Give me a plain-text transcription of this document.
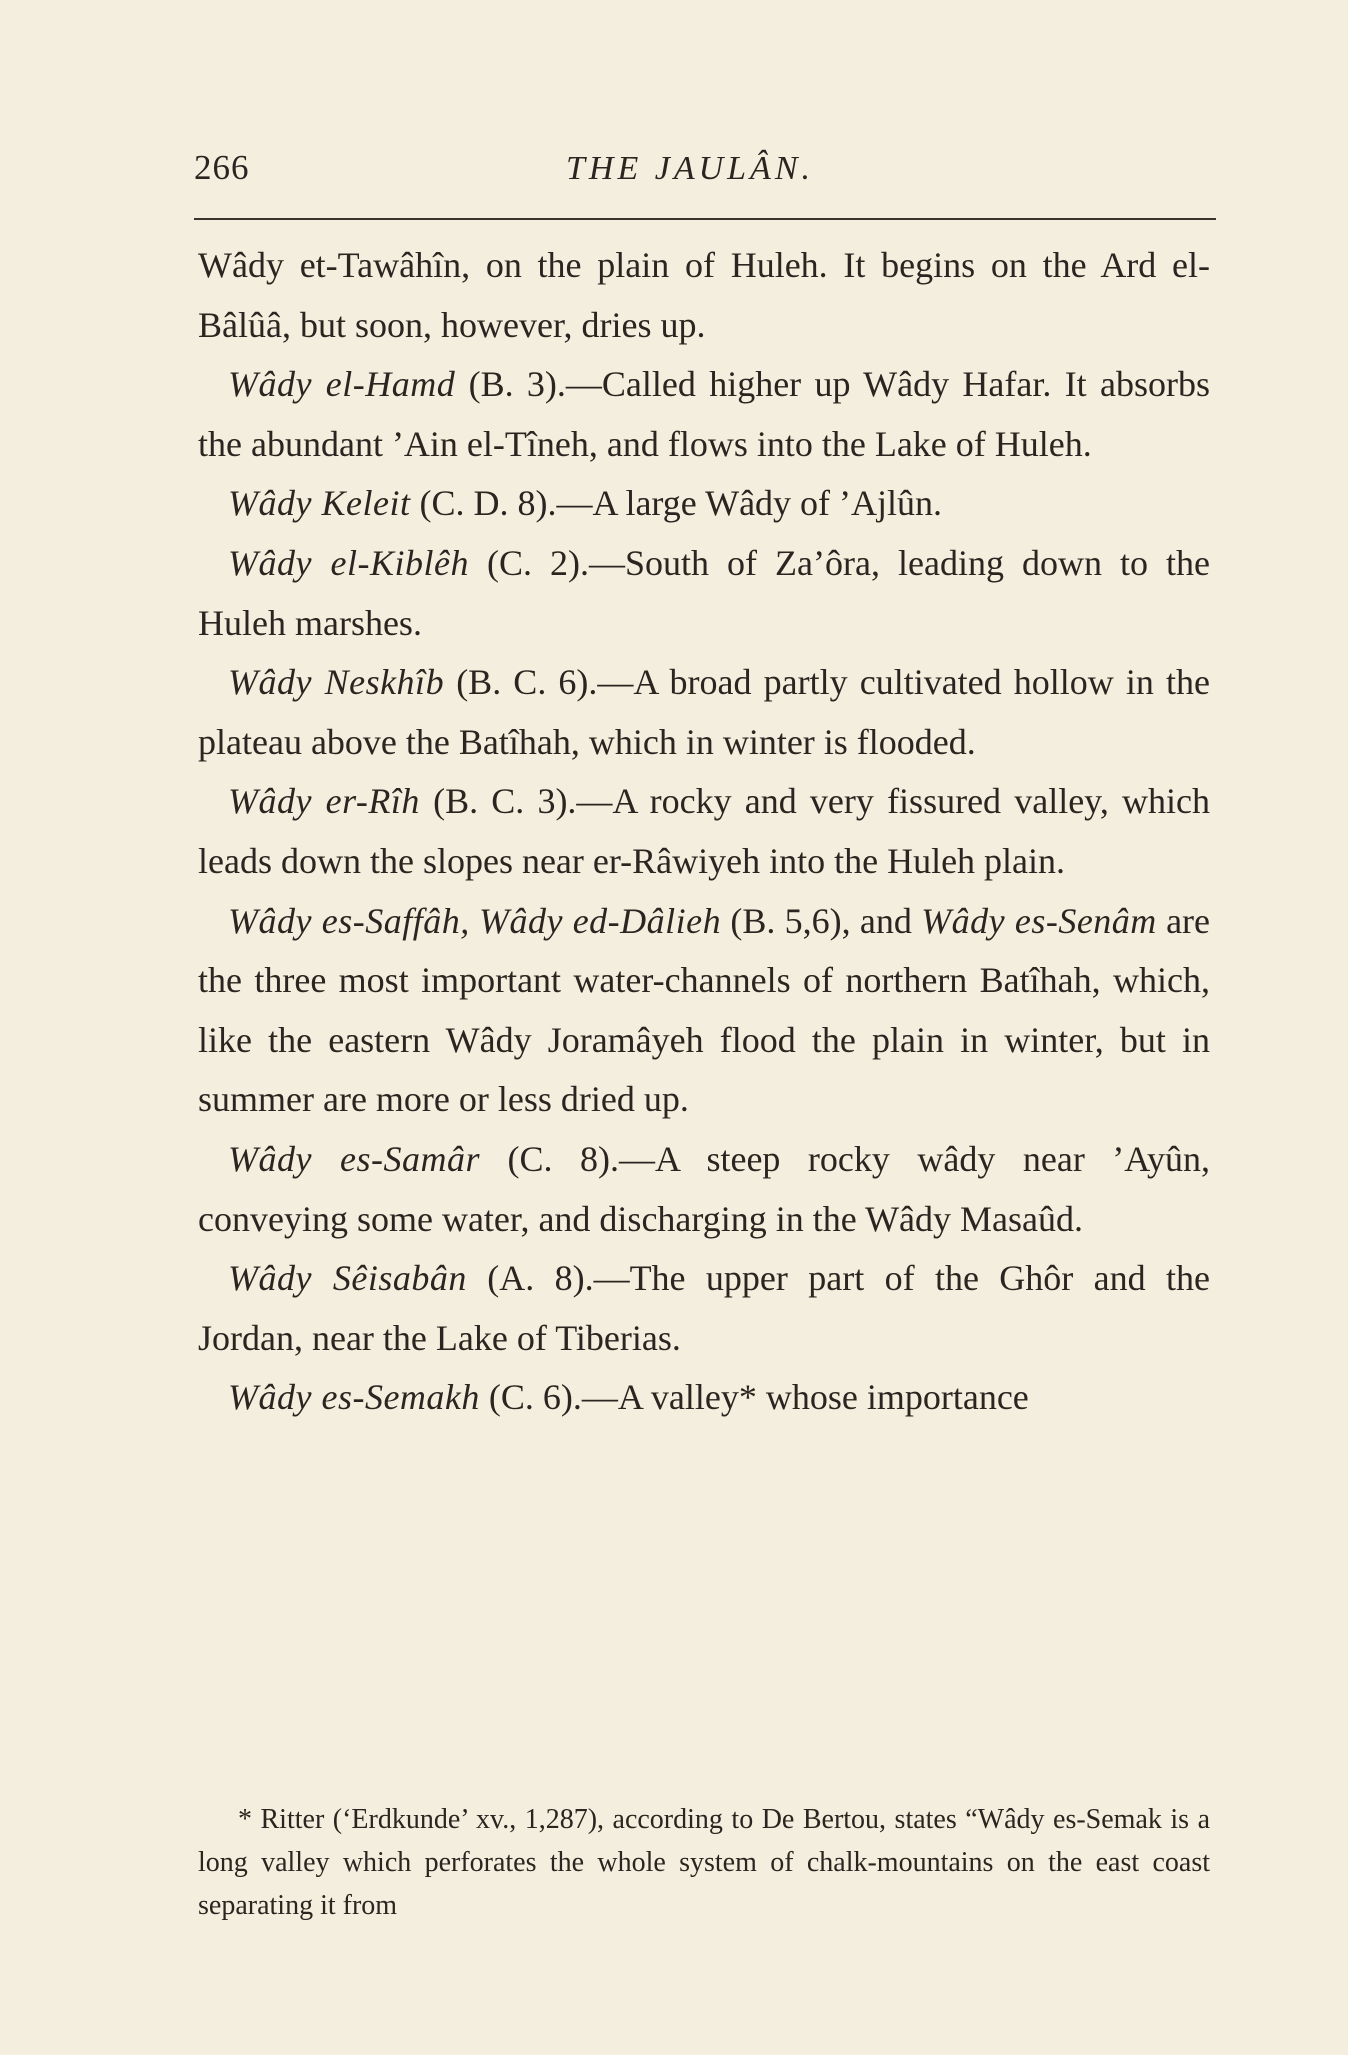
266	THE JAULÂN.

Wâdy et-Tawâhîn, on the plain of Huleh. It begins on the Ard el-Bâlûâ, but soon, however, dries up.

Wâdy el-Hamd (B. 3).—Called higher up Wâdy Hafar. It absorbs the abundant ’Ain el-Tîneh, and flows into the Lake of Huleh.

Wâdy Keleit (C. D. 8).—A large Wâdy of ’Ajlûn.

Wâdy el-Kiblêh (C. 2).—South of Za’ôra, leading down to the Huleh marshes.

Wâdy Neskhîb (B. C. 6).—A broad partly cultivated hollow in the plateau above the Batîhah, which in winter is flooded.

Wâdy er-Rîh (B. C. 3).—A rocky and very fissured valley, which leads down the slopes near er-Râwiyeh into the Huleh plain.

Wâdy es-Saffâh, Wâdy ed-Dâlieh (B. 5,6), and Wâdy es-Senâm are the three most important water-channels of northern Batîhah, which, like the eastern Wâdy Joramâyeh flood the plain in winter, but in summer are more or less dried up.

Wâdy es-Samâr (C. 8).—A steep rocky wâdy near ’Ayûn, conveying some water, and discharging in the Wâdy Masaûd.

Wâdy Sêisabân (A. 8).—The upper part of the Ghôr and the Jordan, near the Lake of Tiberias.

Wâdy es-Semakh (C. 6).—A valley* whose importance

* Ritter (‘Erdkunde’ xv., 1,287), according to De Bertou, states “Wâdy es-Semak is a long valley which perforates the whole system of chalk-mountains on the east coast separating it from
